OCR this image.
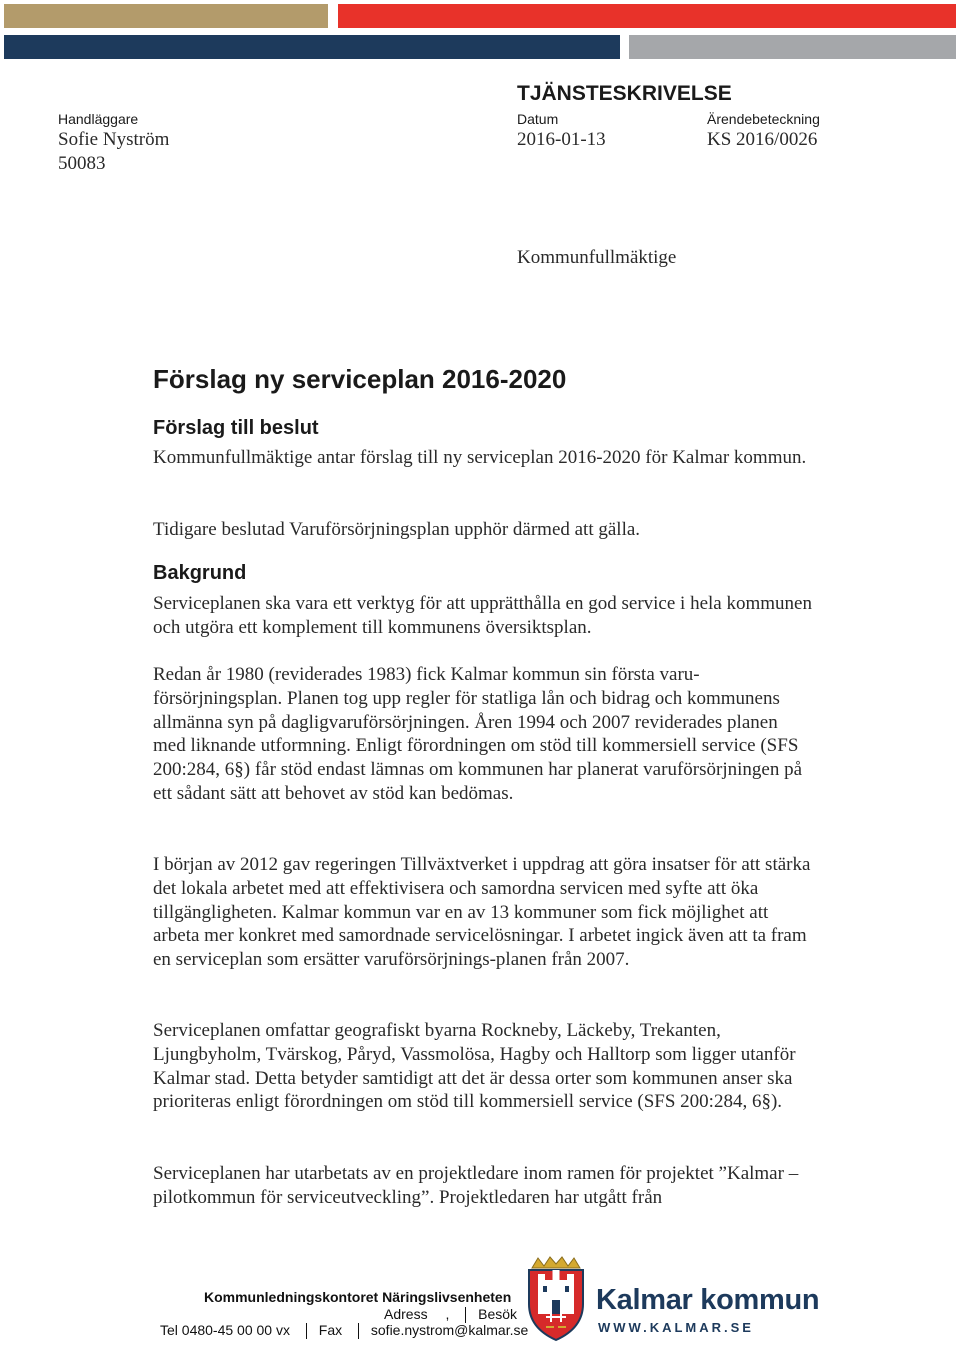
TJÄNSTESKRIVELSE
Handläggare
Sofie Nyström
50083
Datum
2016-01-13
Ärendebeteckning
KS 2016/0026
Kommunfullmäktige
Förslag ny serviceplan 2016-2020
Förslag till beslut

Kommunfullmäktige antar förslag till ny serviceplan 2016-2020 för Kalmar kommun.

Tidigare beslutad Varuförsörjningsplan upphör därmed att gälla.

Bakgrund

Serviceplanen ska vara ett verktyg för att upprätthålla en god service i hela kommunen och utgöra ett komplement till kommunens översiktsplan.

Redan år 1980 (reviderades 1983) fick Kalmar kommun sin första varu-försörjningsplan. Planen tog upp regler för statliga lån och bidrag och kommunens allmänna syn på dagligvaruförsörjningen. Åren 1994 och 2007 reviderades planen med liknande utformning. Enligt förordningen om stöd till kommersiell service (SFS 200:284, 6§) får stöd endast lämnas om kommunen har planerat varuförsörjningen på ett sådant sätt att behovet av stöd kan bedömas.

I början av 2012 gav regeringen Tillväxtverket i uppdrag att göra insatser för att stärka det lokala arbetet med att effektivisera och samordna servicen med syfte att öka tillgängligheten. Kalmar kommun var en av 13 kommuner som fick möjlighet att arbeta mer konkret med samordnade servicelösningar. I arbetet ingick även att ta fram en serviceplan som ersätter varuförsörjnings-planen från 2007.

Serviceplanen omfattar geografiskt byarna Rockneby, Läckeby, Trekanten, Ljungbyholm, Tvärskog, Påryd, Vassmolösa, Hagby och Halltorp som ligger utanför Kalmar stad. Detta betyder samtidigt att det är dessa orter som kommunen anser ska prioriteras enligt förordningen om stöd till kommersiell service (SFS 200:284, 6§).

Serviceplanen har utarbetats av en projektledare inom ramen för projektet ”Kalmar – pilotkommun för serviceutveckling”. Projektledaren har utgått från

Kommunledningskontoret Näringslivsenheten
Adress , Besök
Tel 0480-45 00 00 vx Fax sofie.nystrom@kalmar.se
Kalmar kommun
WWW.KALMAR.SE
